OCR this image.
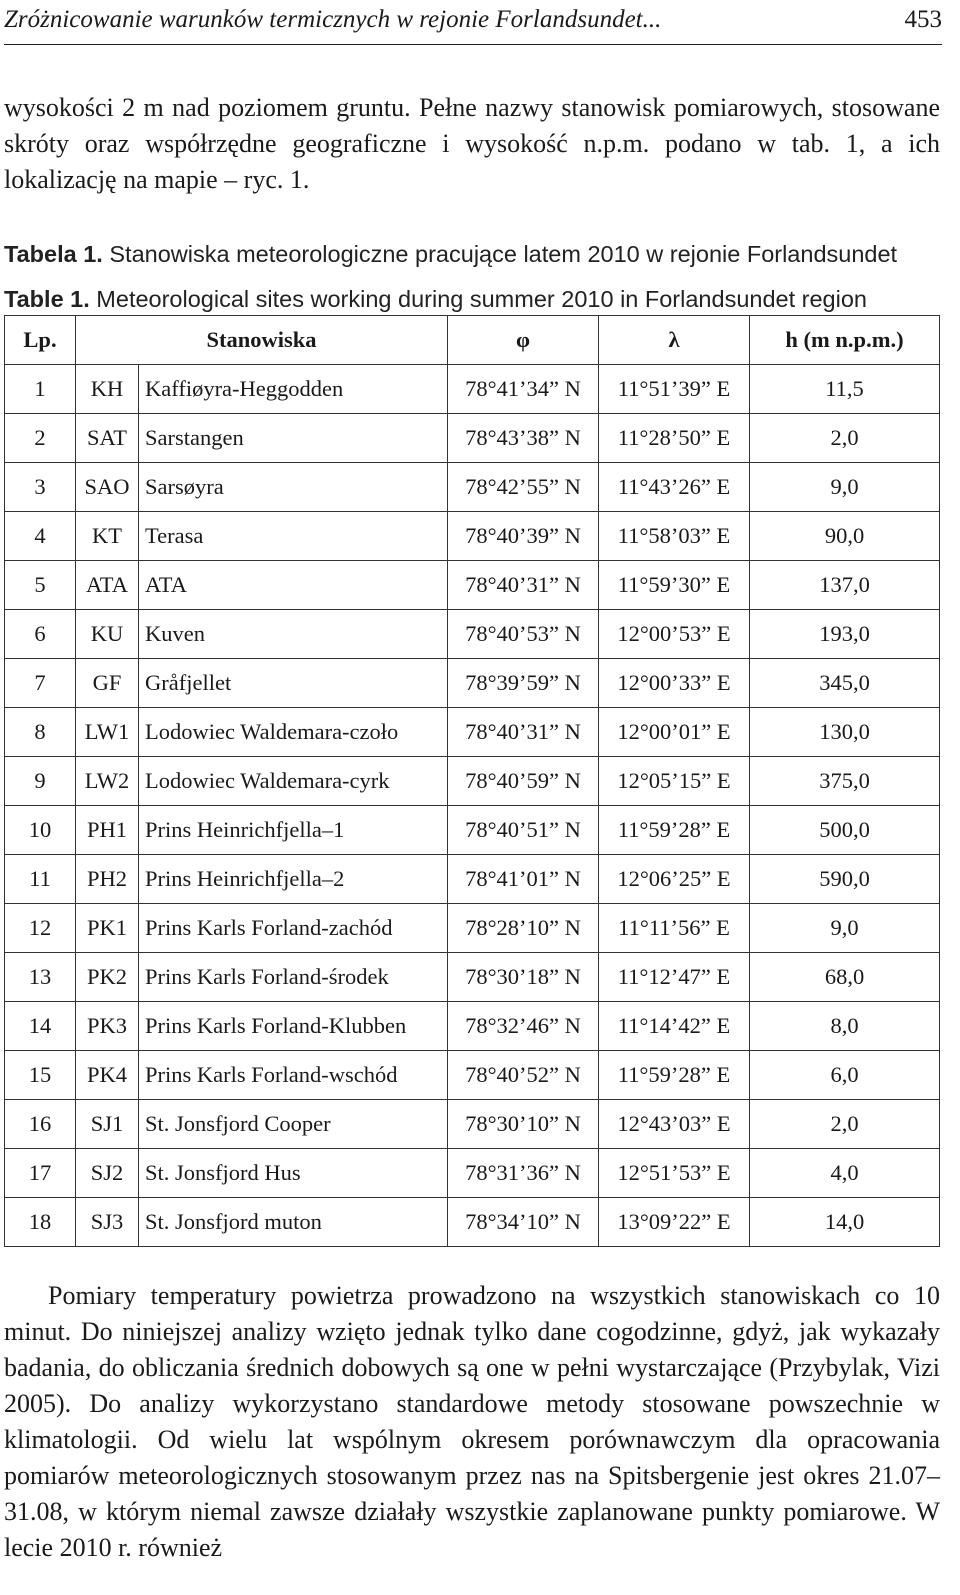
Zróżnicowanie warunków termicznych w rejonie Forlandsundet...	453

wysokości 2 m nad poziomem gruntu. Pełne nazwy stanowisk pomiarowych, stosowane skróty oraz współrzędne geograficzne i wysokość n.p.m. podano w tab. 1, a ich lokalizację na mapie – ryc. 1.

Tabela 1. Stanowiska meteorologiczne pracujące latem 2010 w rejonie Forlandsundet
Table 1. Meteorological sites working during summer 2010 in Forlandsundet region
Lp.	Stanowiska		φ	λ	h (m n.p.m.)
1	KH	Kaffiøyra-Heggodden	78°41’34” N	11°51’39” E	11,5
2	SAT	Sarstangen	78°43’38” N	11°28’50” E	2,0
3	SAO	Sarsøyra	78°42’55” N	11°43’26” E	9,0
4	KT	Terasa	78°40’39” N	11°58’03” E	90,0
5	ATA	ATA	78°40’31” N	11°59’30” E	137,0
6	KU	Kuven	78°40’53” N	12°00’53” E	193,0
7	GF	Gråfjellet	78°39’59” N	12°00’33” E	345,0
8	LW1	Lodowiec Waldemara-czoło	78°40’31” N	12°00’01” E	130,0
9	LW2	Lodowiec Waldemara-cyrk	78°40’59” N	12°05’15” E	375,0
10	PH1	Prins Heinrichfjella–1	78°40’51” N	11°59’28” E	500,0
11	PH2	Prins Heinrichfjella–2	78°41’01” N	12°06’25” E	590,0
12	PK1	Prins Karls Forland-zachód	78°28’10” N	11°11’56” E	9,0
13	PK2	Prins Karls Forland-środek	78°30’18” N	11°12’47” E	68,0
14	PK3	Prins Karls Forland-Klubben	78°32’46” N	11°14’42” E	8,0
15	PK4	Prins Karls Forland-wschód	78°40’52” N	11°59’28” E	6,0
16	SJ1	St. Jonsfjord Cooper	78°30’10” N	12°43’03” E	2,0
17	SJ2	St. Jonsfjord Hus	78°31’36” N	12°51’53” E	4,0
18	SJ3	St. Jonsfjord muton	78°34’10” N	13°09’22” E	14,0

Pomiary temperatury powietrza prowadzono na wszystkich stanowiskach co 10 minut. Do niniejszej analizy wzięto jednak tylko dane cogodzinne, gdyż, jak wykazały badania, do obliczania średnich dobowych są one w pełni wystarczające (Przybylak, Vizi 2005). Do analizy wykorzystano standardowe metody stosowane powszechnie w klimatologii. Od wielu lat wspólnym okresem porównawczym dla opracowania pomiarów meteorologicznych stosowanym przez nas na Spitsbergenie jest okres 21.07–31.08, w którym niemal zawsze działały wszystkie zaplanowane punkty pomiarowe. W lecie 2010 r. również
